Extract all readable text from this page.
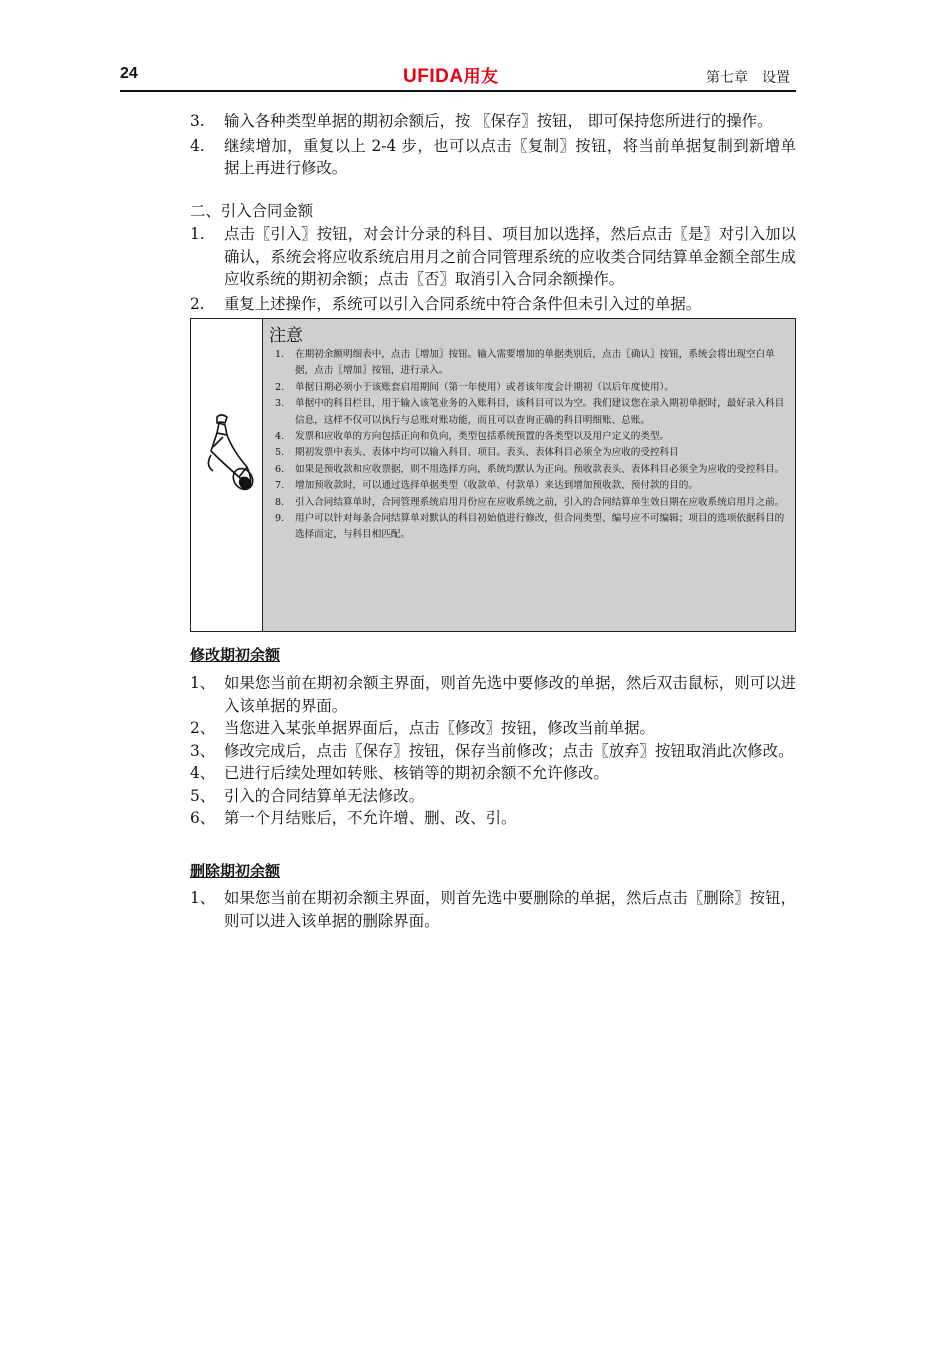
24	UFIDA用友	第七章　设置
3. 输入各种类型单据的期初余额后，按 〖保存〗按钮， 即可保持您所进行的操作。
4. 继续增加，重复以上 2-4 步，也可以点击〖复制〗按钮，将当前单据复制到新增单据上再进行修改。
二、引入合同金额
1. 点击〖引入〗按钮，对会计分录的科目、项目加以选择，然后点击〖是〗对引入加以确认，系统会将应收系统启用月之前合同管理系统的应收类合同结算单金额全部生成应收系统的期初余额；点击〖否〗取消引入合同余额操作。
2. 重复上述操作，系统可以引入合同系统中符合条件但未引入过的单据。
注意
1. 在期初余额明细表中，点击〖增加〗按钮。输入需要增加的单据类别后，点击〖确认〗按钮，系统会将出现空白单据，点击〖增加〗按钮，进行录入。
2. 单据日期必须小于该账套启用期间（第一年使用）或者该年度会计期初（以后年度使用）。
3. 单据中的科目栏目，用于输入该笔业务的入账科目，该科目可以为空。我们建议您在录入期初单据时，最好录入科目信息，这样不仅可以执行与总账对账功能，而且可以查询正确的科目明细账、总账。
4. 发票和应收单的方向包括正向和负向，类型包括系统预置的各类型以及用户定义的类型。
5. 期初发票中表头、表体中均可以输入科目、项目。表头、表体科目必须全为应收的受控科目
6. 如果是预收款和应收票据，则不用选择方向，系统均默认为正向。预收款表头、表体科目必须全为应收的受控科目。
7. 增加预收款时，可以通过选择单据类型（收款单、付款单）来达到增加预收款、预付款的目的。
8. 引入合同结算单时，合同管理系统启用月份应在应收系统之前，引入的合同结算单生效日期在应收系统启用月之前。
9. 用户可以针对每条合同结算单对默认的科目初始值进行修改，但合同类型、编号应不可编辑；项目的选项依据科目的选择而定，与科目相匹配。
修改期初余额
1、 如果您当前在期初余额主界面，则首先选中要修改的单据，然后双击鼠标，则可以进入该单据的界面。
2、 当您进入某张单据界面后，点击〖修改〗按钮，修改当前单据。
3、 修改完成后，点击〖保存〗按钮，保存当前修改；点击〖放弃〗按钮取消此次修改。
4、 已进行后续处理如转账、核销等的期初余额不允许修改。
5、 引入的合同结算单无法修改。
6、 第一个月结账后，不允许增、删、改、引。
删除期初余额
1、 如果您当前在期初余额主界面，则首先选中要删除的单据，然后点击〖删除〗按钮，则可以进入该单据的删除界面。
